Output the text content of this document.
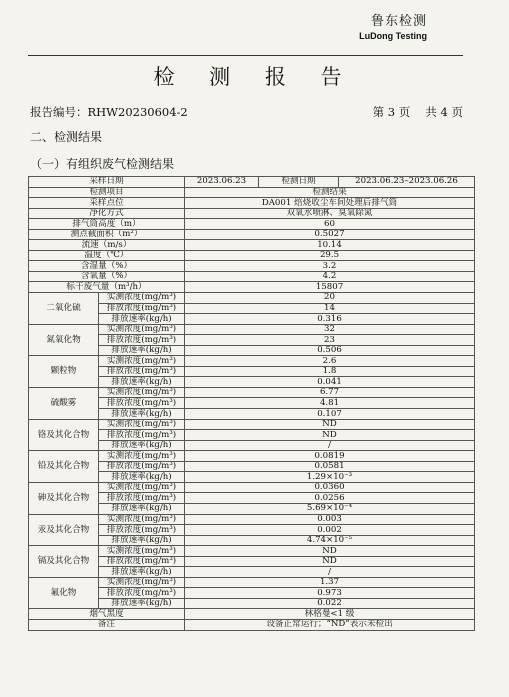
鲁东检测
LuDong Testing
检 测 报 告
报告编号：RHW20230604-2	第 3 页　 共 4 页
二、检测结果
（一）有组织废气检测结果
采样日期		2023.06.23	检测日期	2023.06.23–2023.06.26
检测项目		检测结果		
采样点位		DA001 焙烧收尘车间处理后排气筒		
净化方式		双氧水喷淋、臭氧除氮		
排气筒高度（m）		60		
测点截面积（m²）		0.5027		
流速（m/s）		10.14		
温度（℃）		29.5		
含湿量（%）		3.2		
含氧量（%）		4.2		
标干废气量（m³/h）		15807		
二氧化硫	实测浓度(mg/m³)	20		
	排放浓度(mg/m³)	14		
	排放速率(kg/h)	0.316		
氮氧化物	实测浓度(mg/m³)	32		
	排放浓度(mg/m³)	23		
	排放速率(kg/h)	0.506		
颗粒物	实测浓度(mg/m³)	2.6		
	排放浓度(mg/m³)	1.8		
	排放速率(kg/h)	0.041		
硫酸雾	实测浓度(mg/m³)	6.77		
	排放浓度(mg/m³)	4.81		
	排放速率(kg/h)	0.107		
铬及其化合物	实测浓度(mg/m³)	ND		
	排放浓度(mg/m³)	ND		
	排放速率(kg/h)	/		
铅及其化合物	实测浓度(mg/m³)	0.0819		
	排放浓度(mg/m³)	0.0581		
	排放速率(kg/h)	1.29×10⁻³		
砷及其化合物	实测浓度(mg/m³)	0.0360		
	排放浓度(mg/m³)	0.0256		
	排放速率(kg/h)	5.69×10⁻⁴		
汞及其化合物	实测浓度(mg/m³)	0.003		
	排放浓度(mg/m³)	0.002		
	排放速率(kg/h)	4.74×10⁻⁵		
镉及其化合物	实测浓度(mg/m³)	ND		
	排放浓度(mg/m³)	ND		
	排放速率(kg/h)	/		
氟化物	实测浓度(mg/m³)	1.37		
	排放浓度(mg/m³)	0.973		
	排放速率(kg/h)	0.022		
烟气黑度		林格曼<1 级		
备注		设备正常运行；“ND”表示未检出		
